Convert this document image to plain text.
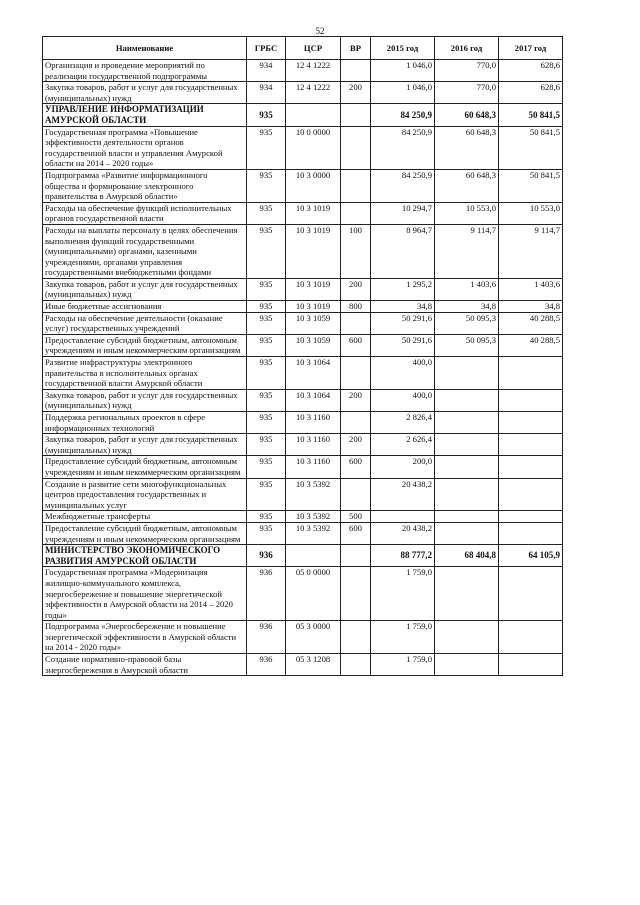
52
Наименование	ГРБС	ЦСР	ВР	2015 год	2016 год	2017 год
Организация и проведение мероприятий по реализации государственной подпрограммы	934	12 4 1222		1 046,0	770,0	628,6
Закупка товаров, работ и услуг для государственных (муниципальных) нужд	934	12 4 1222	200	1 046,0	770,0	628,6
УПРАВЛЕНИЕ ИНФОРМАТИЗАЦИИ АМУРСКОЙ ОБЛАСТИ	935			84 250,9	60 648,3	50 841,5
Государственная программа «Повышение эффективности деятельности органов государственной власти и управления Амурской области на 2014 – 2020 годы»	935	10 0 0000		84 250,9	60 648,3	50 841,5
Подпрограмма «Развитие информационного общества и формирование электронного правительства в Амурской области»	935	10 3 0000		84 250,9	60 648,3	50 841,5
Расходы на обеспечение функций исполнительных органов государственной власти	935	10 3 1019		10 294,7	10 553,0	10 553,0
Расходы на выплаты персоналу в целях обеспечения выполнения функций государственными (муниципальными) органами, казенными учреждениями, органами управления государственными внебюджетными фондами	935	10 3 1019	100	8 964,7	9 114,7	9 114,7
Закупка товаров, работ и услуг для государственных (муниципальных) нужд	935	10 3 1019	200	1 295,2	1 403,6	1 403,6
Иные бюджетные ассигнования	935	10 3 1019	800	34,8	34,8	34,8
Расходы на обеспечение деятельности (оказание услуг) государственных учреждений	935	10 3 1059		50 291,6	50 095,3	40 288,5
Предоставление субсидий бюджетным, автономным учреждениям и иным некоммерческим организациям	935	10 3 1059	600	50 291,6	50 095,3	40 288,5
Развитие инфраструктуры электронного правительства в исполнительных органах государственной власти Амурской области	935	10 3 1064		400,0		
Закупка товаров, работ и услуг для государственных (муниципальных) нужд	935	10 3 1064	200	400,0		
Поддержка региональных проектов в сфере информационных технологий	935	10 3 1160		2 826,4		
Закупка товаров, работ и услуг для государственных (муниципальных) нужд	935	10 3 1160	200	2 626,4		
Предоставление субсидий бюджетным, автономным учреждениям и иным некоммерческим организациям	935	10 3 1160	600	200,0		
Создание и развитие сети многофункциональных центров предоставления государственных и муниципальных услуг	935	10 3 5392		20 438,2		
Межбюджетные трансферты	935	10 3 5392	500			
Предоставление субсидий бюджетным, автономным учреждениям и иным некоммерческим организациям	935	10 3 5392	600	20 438,2		
МИНИСТЕРСТВО ЭКОНОМИЧЕСКОГО РАЗВИТИЯ АМУРСКОЙ ОБЛАСТИ	936			88 777,2	68 404,8	64 105,9
Государственная программа «Модернизация жилищно-коммунального комплекса, энергосбережение и повышение энергетической эффективности в Амурской области на 2014 – 2020 годы»	936	05 0 0000		1 759,0		
Подпрограмма «Энергосбережение и повышение энергетической эффективности в Амурской области на 2014 - 2020 годы»	936	05 3 0000		1 759,0		
Создание нормативно-правовой базы энергосбережения в Амурской области	936	05 3 1208		1 759,0		
